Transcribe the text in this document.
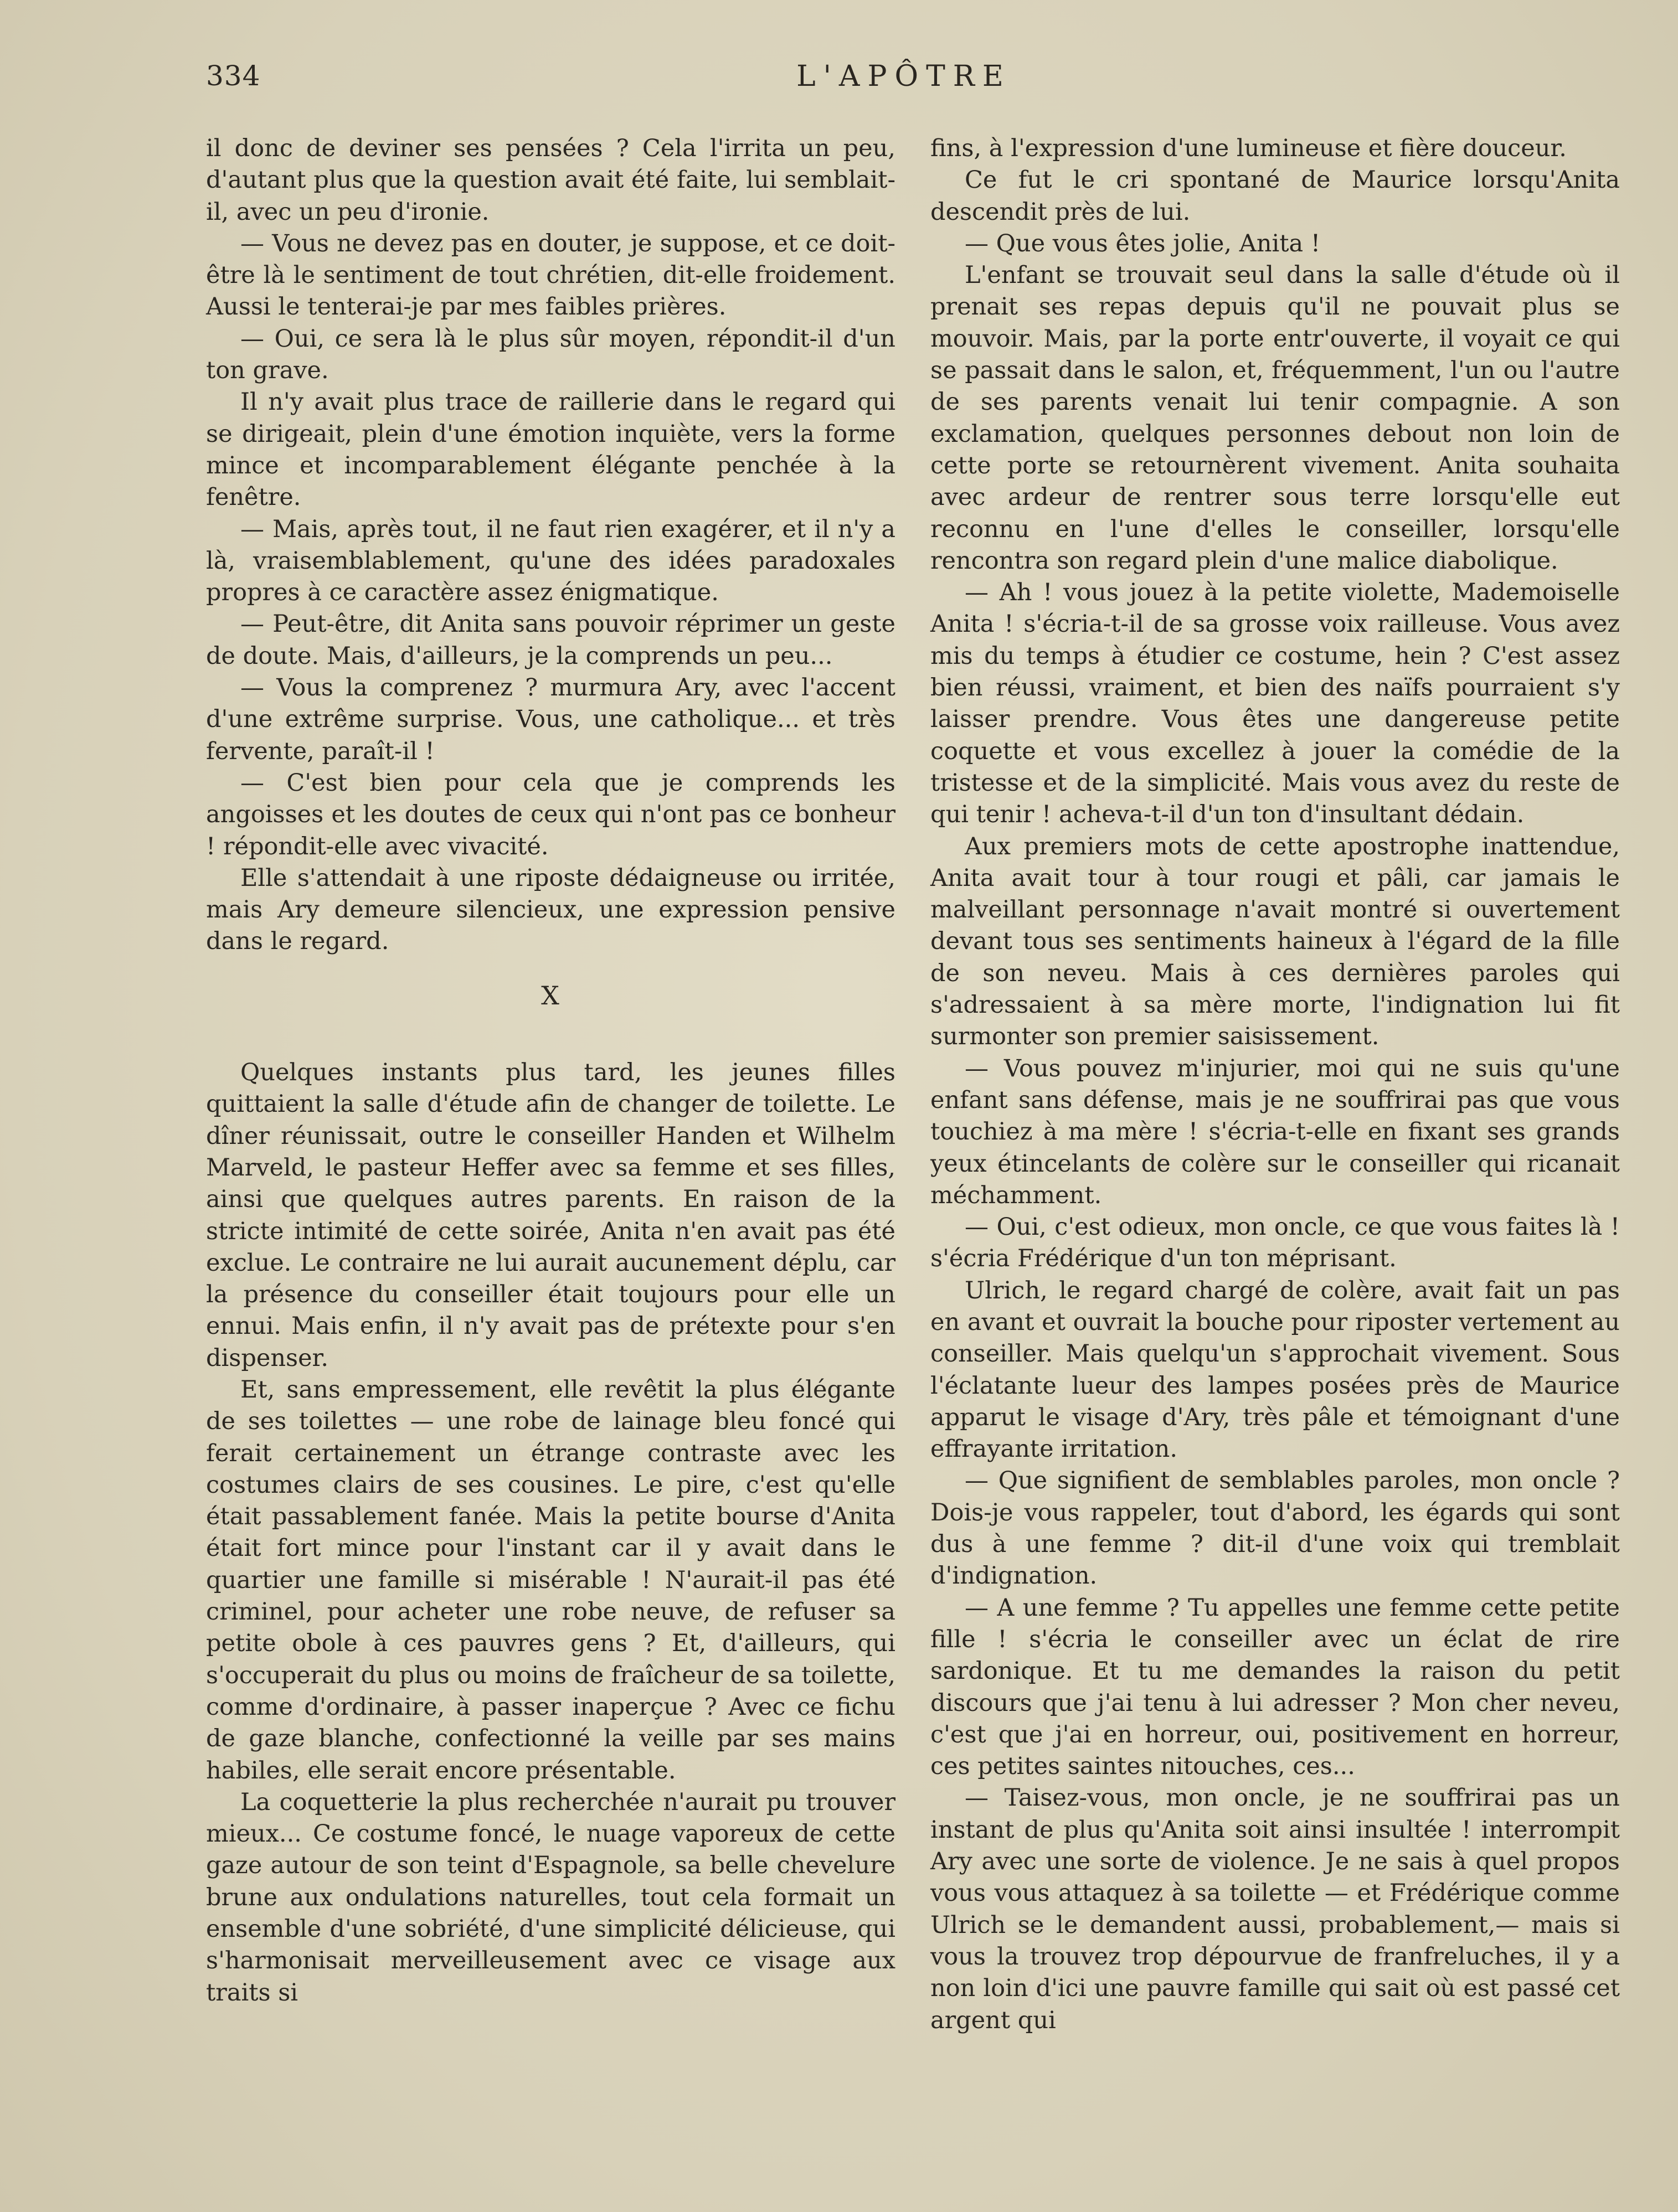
334	L'APÔTRE

il donc de deviner ses pensées ? Cela l'irrita un peu, d'autant plus que la question avait été faite, lui semblait-il, avec un peu d'ironie.

— Vous ne devez pas en douter, je suppose, et ce doit-être là le sentiment de tout chrétien, dit-elle froidement. Aussi le tenterai-je par mes faibles prières.

— Oui, ce sera là le plus sûr moyen, répondit-il d'un ton grave.

Il n'y avait plus trace de raillerie dans le regard qui se dirigeait, plein d'une émotion inquiète, vers la forme mince et incomparablement élégante penchée à la fenêtre.

— Mais, après tout, il ne faut rien exagérer, et il n'y a là, vraisemblablement, qu'une des idées paradoxales propres à ce caractère assez énigmatique.

— Peut-être, dit Anita sans pouvoir réprimer un geste de doute. Mais, d'ailleurs, je la comprends un peu...

— Vous la comprenez ? murmura Ary, avec l'accent d'une extrême surprise. Vous, une catholique... et très fervente, paraît-il !

— C'est bien pour cela que je comprends les angoisses et les doutes de ceux qui n'ont pas ce bonheur ! répondit-elle avec vivacité.

Elle s'attendait à une riposte dédaigneuse ou irritée, mais Ary demeure silencieux, une expression pensive dans le regard.

X

Quelques instants plus tard, les jeunes filles quittaient la salle d'étude afin de changer de toilette. Le dîner réunissait, outre le conseiller Handen et Wilhelm Marveld, le pasteur Heffer avec sa femme et ses filles, ainsi que quelques autres parents. En raison de la stricte intimité de cette soirée, Anita n'en avait pas été exclue. Le contraire ne lui aurait aucunement déplu, car la présence du conseiller était toujours pour elle un ennui. Mais enfin, il n'y avait pas de prétexte pour s'en dispenser.

Et, sans empressement, elle revêtit la plus élégante de ses toilettes — une robe de lainage bleu foncé qui ferait certainement un étrange contraste avec les costumes clairs de ses cousines. Le pire, c'est qu'elle était passablement fanée. Mais la petite bourse d'Anita était fort mince pour l'instant car il y avait dans le quartier une famille si misérable ! N'aurait-il pas été criminel, pour acheter une robe neuve, de refuser sa petite obole à ces pauvres gens ? Et, d'ailleurs, qui s'occuperait du plus ou moins de fraîcheur de sa toilette, comme d'ordinaire, à passer inaperçue ? Avec ce fichu de gaze blanche, confectionné la veille par ses mains habiles, elle serait encore présentable.

La coquetterie la plus recherchée n'aurait pu trouver mieux... Ce costume foncé, le nuage vaporeux de cette gaze autour de son teint d'Espagnole, sa belle chevelure brune aux ondulations naturelles, tout cela formait un ensemble d'une sobriété, d'une simplicité délicieuse, qui s'harmonisait merveilleusement avec ce visage aux traits si

fins, à l'expression d'une lumineuse et fière douceur.

Ce fut le cri spontané de Maurice lorsqu'Anita descendit près de lui.

— Que vous êtes jolie, Anita !

L'enfant se trouvait seul dans la salle d'étude où il prenait ses repas depuis qu'il ne pouvait plus se mouvoir. Mais, par la porte entr'ouverte, il voyait ce qui se passait dans le salon, et, fréquemment, l'un ou l'autre de ses parents venait lui tenir compagnie. A son exclamation, quelques personnes debout non loin de cette porte se retournèrent vivement. Anita souhaita avec ardeur de rentrer sous terre lorsqu'elle eut reconnu en l'une d'elles le conseiller, lorsqu'elle rencontra son regard plein d'une malice diabolique.

— Ah ! vous jouez à la petite violette, Mademoiselle Anita ! s'écria-t-il de sa grosse voix railleuse. Vous avez mis du temps à étudier ce costume, hein ? C'est assez bien réussi, vraiment, et bien des naïfs pourraient s'y laisser prendre. Vous êtes une dangereuse petite coquette et vous excellez à jouer la comédie de la tristesse et de la simplicité. Mais vous avez du reste de qui tenir ! acheva-t-il d'un ton d'insultant dédain.

Aux premiers mots de cette apostrophe inattendue, Anita avait tour à tour rougi et pâli, car jamais le malveillant personnage n'avait montré si ouvertement devant tous ses sentiments haineux à l'égard de la fille de son neveu. Mais à ces dernières paroles qui s'adressaient à sa mère morte, l'indignation lui fit surmonter son premier saisissement.

— Vous pouvez m'injurier, moi qui ne suis qu'une enfant sans défense, mais je ne souffrirai pas que vous touchiez à ma mère ! s'écria-t-elle en fixant ses grands yeux étincelants de colère sur le conseiller qui ricanait méchamment.

— Oui, c'est odieux, mon oncle, ce que vous faites là ! s'écria Frédérique d'un ton méprisant.

Ulrich, le regard chargé de colère, avait fait un pas en avant et ouvrait la bouche pour riposter vertement au conseiller. Mais quelqu'un s'approchait vivement. Sous l'éclatante lueur des lampes posées près de Maurice apparut le visage d'Ary, très pâle et témoignant d'une effrayante irritation.

— Que signifient de semblables paroles, mon oncle ? Dois-je vous rappeler, tout d'abord, les égards qui sont dus à une femme ? dit-il d'une voix qui tremblait d'indignation.

— A une femme ? Tu appelles une femme cette petite fille ! s'écria le conseiller avec un éclat de rire sardonique. Et tu me demandes la raison du petit discours que j'ai tenu à lui adresser ? Mon cher neveu, c'est que j'ai en horreur, oui, positivement en horreur, ces petites saintes nitouches, ces...

— Taisez-vous, mon oncle, je ne souffrirai pas un instant de plus qu'Anita soit ainsi insultée ! interrompit Ary avec une sorte de violence. Je ne sais à quel propos vous vous attaquez à sa toilette — et Frédérique comme Ulrich se le demandent aussi, probablement,— mais si vous la trouvez trop dépourvue de franfreluches, il y a non loin d'ici une pauvre famille qui sait où est passé cet argent qui
